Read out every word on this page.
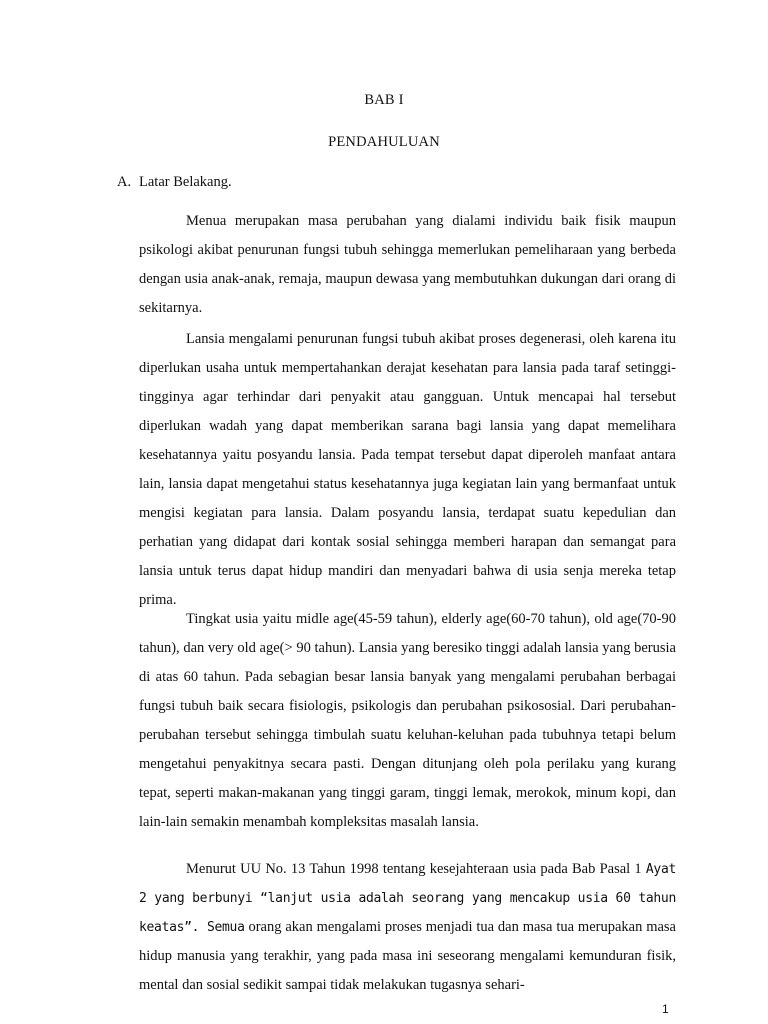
BAB I
PENDAHULUAN
A. Latar Belakang.

Menua merupakan masa perubahan yang dialami individu baik fisik maupun psikologi akibat penurunan fungsi tubuh sehingga memerlukan pemeliharaan yang berbeda dengan usia anak-anak, remaja, maupun dewasa yang membutuhkan dukungan dari orang di sekitarnya.

Lansia mengalami penurunan fungsi tubuh akibat proses degenerasi, oleh karena itu diperlukan usaha untuk mempertahankan derajat kesehatan para lansia pada taraf setinggi-tingginya agar terhindar dari penyakit atau gangguan. Untuk mencapai hal tersebut diperlukan wadah yang dapat memberikan sarana bagi lansia yang dapat memelihara kesehatannya yaitu posyandu lansia. Pada tempat tersebut dapat diperoleh manfaat antara lain, lansia dapat mengetahui status kesehatannya juga kegiatan lain yang bermanfaat untuk mengisi kegiatan para lansia. Dalam posyandu lansia, terdapat suatu kepedulian dan perhatian yang didapat dari kontak sosial sehingga memberi harapan dan semangat para lansia untuk terus dapat hidup mandiri dan menyadari bahwa di usia senja mereka tetap prima.

Tingkat usia yaitu midle age(45-59 tahun), elderly age(60-70 tahun), old age(70-90 tahun), dan very old age(> 90 tahun). Lansia yang beresiko tinggi adalah lansia yang berusia di atas 60 tahun. Pada sebagian besar lansia banyak yang mengalami perubahan berbagai fungsi tubuh baik secara fisiologis, psikologis dan perubahan psikososial. Dari perubahan-perubahan tersebut sehingga timbulah suatu keluhan-keluhan pada tubuhnya tetapi belum mengetahui penyakitnya secara pasti. Dengan ditunjang oleh pola perilaku yang kurang tepat, seperti makan-makanan yang tinggi garam, tinggi lemak, merokok, minum kopi, dan lain-lain semakin menambah kompleksitas masalah lansia.

Menurut UU No. 13 Tahun 1998 tentang kesejahteraan usia pada Bab Pasal 1 Ayat 2 yang berbunyi “lanjut usia adalah seorang yang mencakup usia 60 tahun keatas”. Semua orang akan mengalami proses menjadi tua dan masa tua merupakan masa hidup manusia yang terakhir, yang pada masa ini seseorang mengalami kemunduran fisik, mental dan sosial sedikit sampai tidak melakukan tugasnya sehari-

1
